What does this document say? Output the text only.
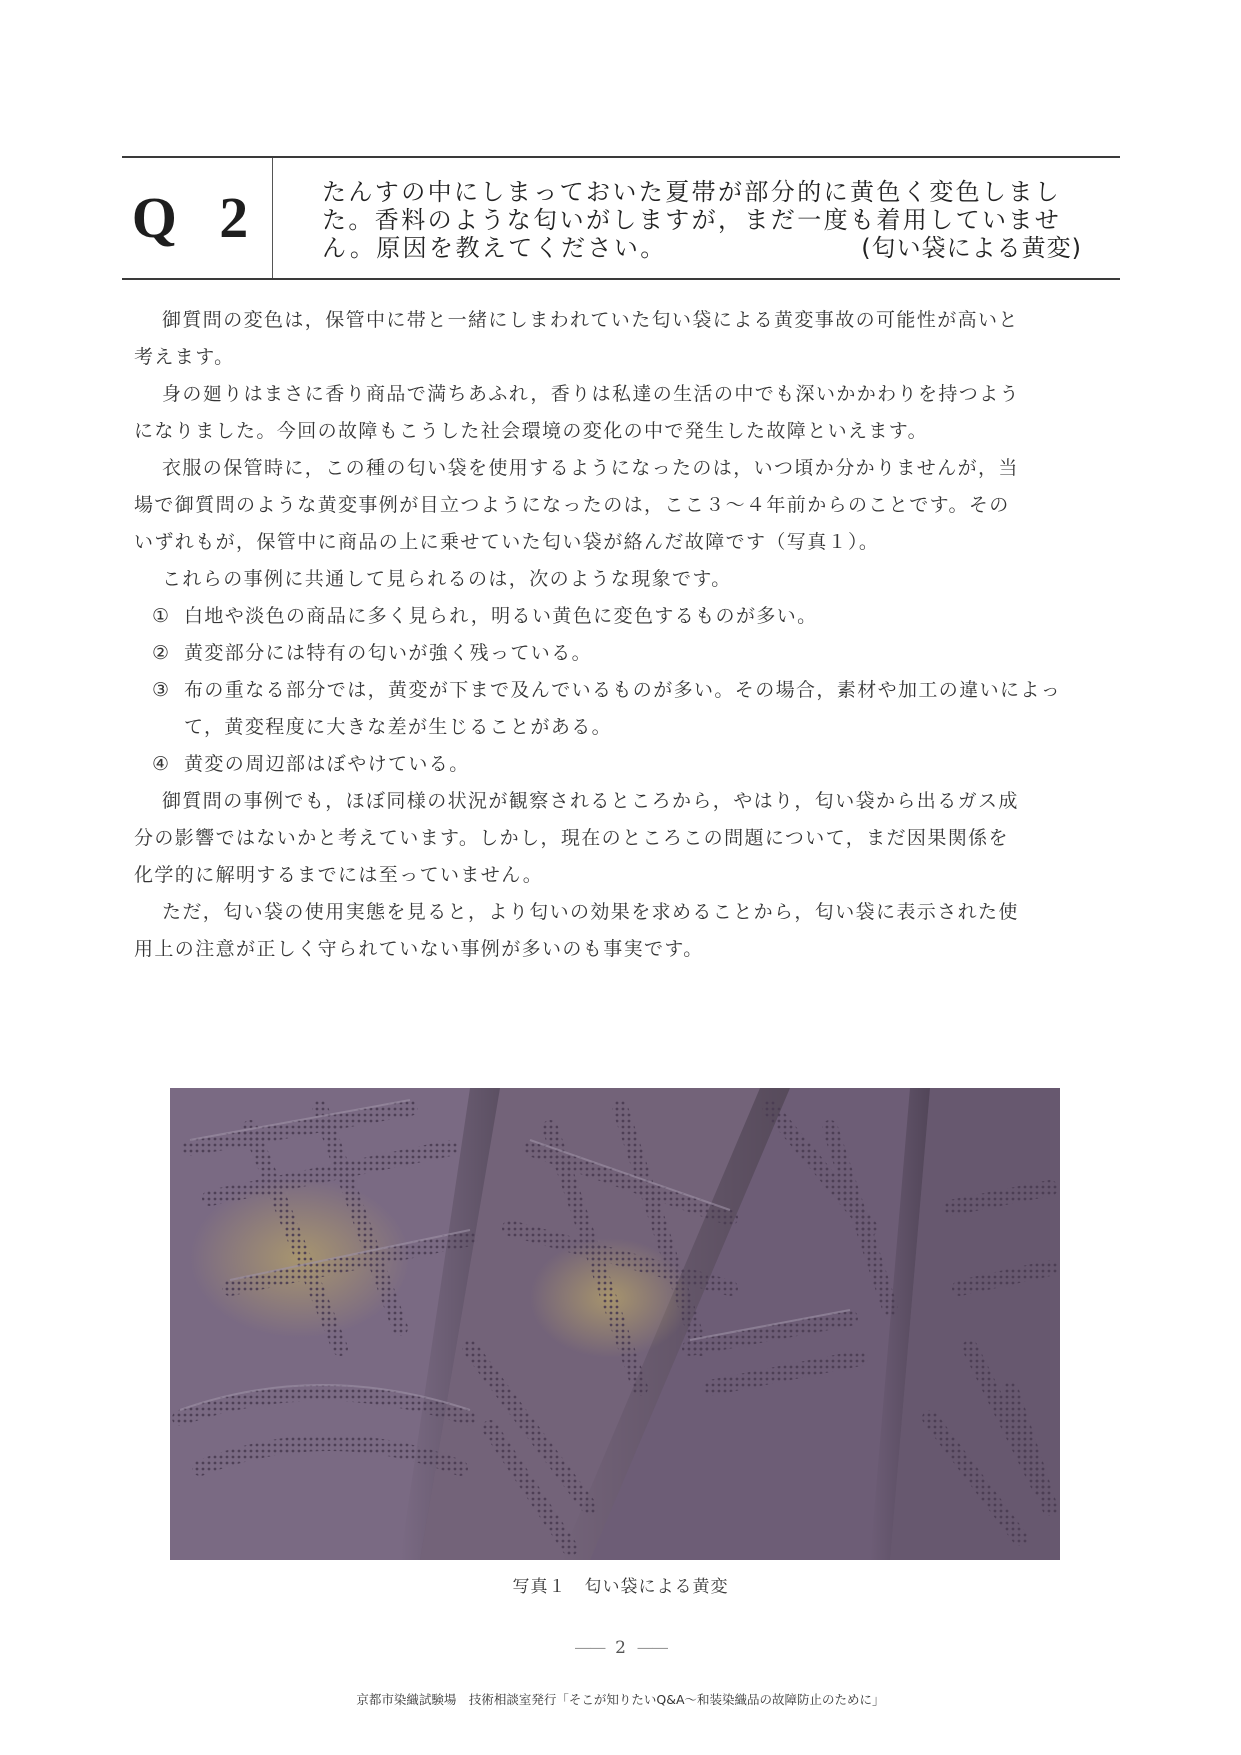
Q 2	たんすの中にしまっておいた夏帯が部分的に黄色く変色しまし
た。香料のような匂いがしますが，まだ一度も着用していませ
ん。原因を教えてください。	(匂い袋による黄変)

御質問の変色は，保管中に帯と一緒にしまわれていた匂い袋による黄変事故の可能性が高いと
考えます。

身の廻りはまさに香り商品で満ちあふれ，香りは私達の生活の中でも深いかかわりを持つよう
になりました。今回の故障もこうした社会環境の変化の中で発生した故障といえます。

衣服の保管時に，この種の匂い袋を使用するようになったのは，いつ頃か分かりませんが，当
場で御質問のような黄変事例が目立つようになったのは，ここ３～４年前からのことです。その
いずれもが，保管中に商品の上に乗せていた匂い袋が絡んだ故障です（写真１）。

これらの事例に共通して見られるのは，次のような現象です。

① 白地や淡色の商品に多く見られ，明るい黄色に変色するものが多い。
② 黄変部分には特有の匂いが強く残っている。
③ 布の重なる部分では，黄変が下まで及んでいるものが多い。その場合，素材や加工の違いによって，黄変程度に大きな差が生じることがある。
④ 黄変の周辺部はぼやけている。

御質問の事例でも，ほぼ同様の状況が観察されるところから，やはり，匂い袋から出るガス成
分の影響ではないかと考えています。しかし，現在のところこの問題について，まだ因果関係を
化学的に解明するまでには至っていません。

ただ，匂い袋の使用実態を見ると，より匂いの効果を求めることから，匂い袋に表示された使
用上の注意が正しく守られていない事例が多いのも事実です。

写真１　匂い袋による黄変
—— 2 ——
京都市染織試験場　技術相談室発行「そこが知りたいQ&A～和装染織品の故障防止のために」
